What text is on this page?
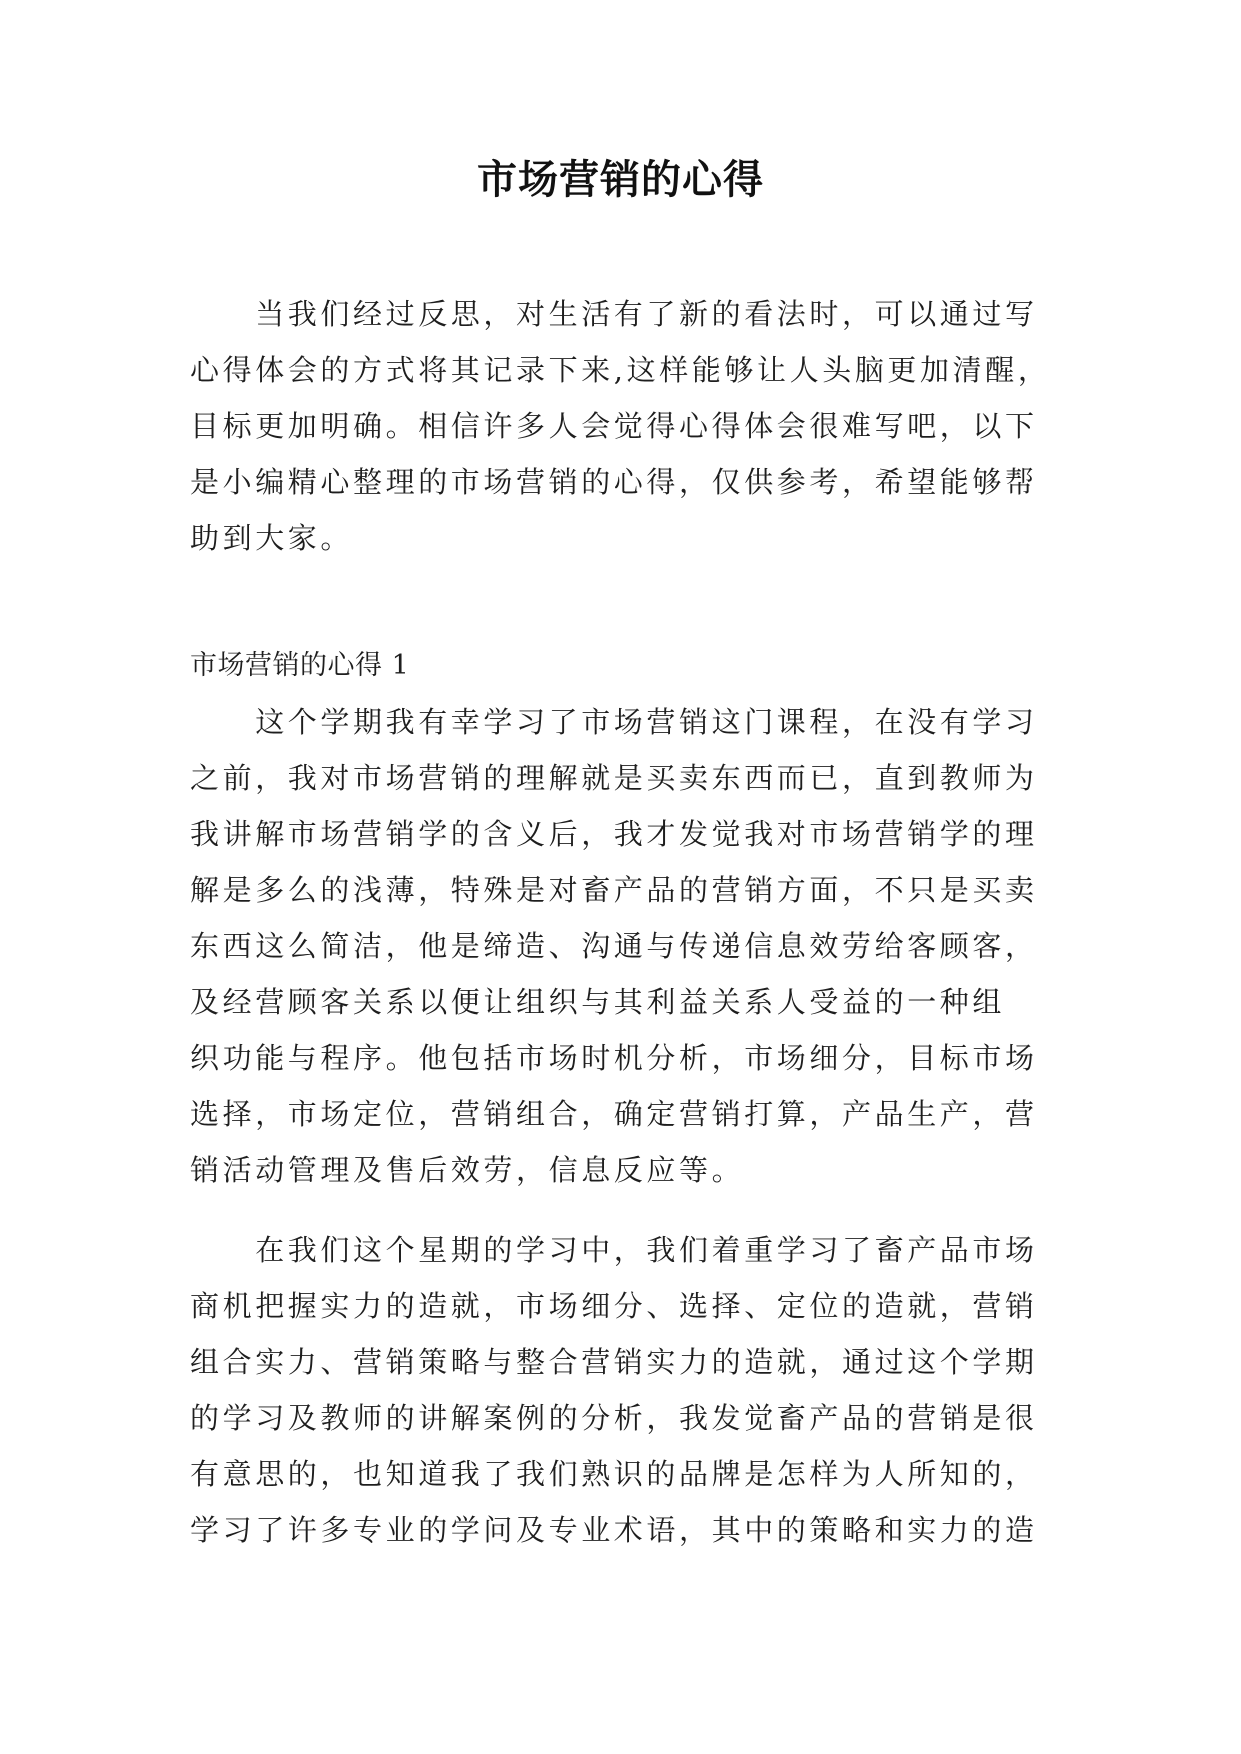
市场营销的心得
　　当我们经过反思，对生活有了新的看法时，可以通过写
心得体会的方式将其记录下来,这样能够让人头脑更加清醒，
目标更加明确。相信许多人会觉得心得体会很难写吧，以下
是小编精心整理的市场营销的心得，仅供参考，希望能够帮
助到大家。
市场营销的心得 1
　　这个学期我有幸学习了市场营销这门课程，在没有学习
之前，我对市场营销的理解就是买卖东西而已，直到教师为
我讲解市场营销学的含义后，我才发觉我对市场营销学的理
解是多么的浅薄，特殊是对畜产品的营销方面，不只是买卖
东西这么简洁，他是缔造、沟通与传递信息效劳给客顾客，
及经营顾客关系以便让组织与其利益关系人受益的一种组
织功能与程序。他包括市场时机分析，市场细分，目标市场
选择，市场定位，营销组合，确定营销打算，产品生产，营
销活动管理及售后效劳，信息反应等。
　　在我们这个星期的学习中，我们着重学习了畜产品市场
商机把握实力的造就，市场细分、选择、定位的造就，营销
组合实力、营销策略与整合营销实力的造就，通过这个学期
的学习及教师的讲解案例的分析，我发觉畜产品的营销是很
有意思的，也知道我了我们熟识的品牌是怎样为人所知的，
学习了许多专业的学问及专业术语，其中的策略和实力的造
